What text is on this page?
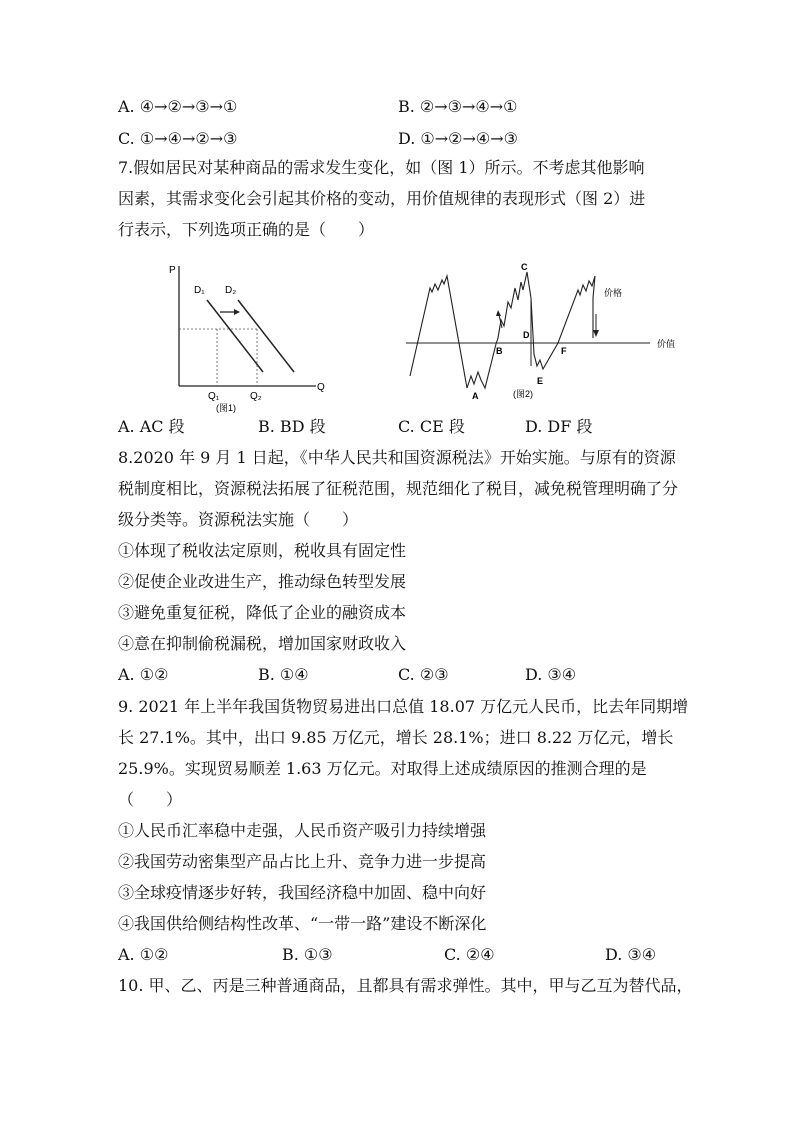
A. ④→②→③→①	B. ②→③→④→①
C. ①→④→②→③	D. ①→②→④→③
7.假如居民对某种商品的需求发生变化，如（图 1）所示。不考虑其他影响
因素，其需求变化会引起其价格的变动，用价值规律的表现形式（图 2）进
行表示，下列选项正确的是（　　）
P
Q
D₁ D₂
Q₁	Q₂
(图1)
价值
价格
A
B
C
D
E
F
(图2)
A. AC 段	B. BD 段	C. CE 段	D. DF 段
8.2020 年 9 月 1 日起，《中华人民共和国资源税法》开始实施。与原有的资源
税制度相比，资源税法拓展了征税范围，规范细化了税目，减免税管理明确了分
级分类等。资源税法实施（　　）
①体现了税收法定原则，税收具有固定性
②促使企业改进生产，推动绿色转型发展
③避免重复征税，降低了企业的融资成本
④意在抑制偷税漏税，增加国家财政收入
A. ①②	B. ①④	C. ②③	D. ③④
9. 2021 年上半年我国货物贸易进出口总值 18.07 万亿元人民币，比去年同期增
长 27.1%。其中，出口 9.85 万亿元，增长 28.1%；进口 8.22 万亿元，增长
25.9%。实现贸易顺差 1.63 万亿元。对取得上述成绩原因的推测合理的是
（　　）
①人民币汇率稳中走强，人民币资产吸引力持续增强
②我国劳动密集型产品占比上升、竞争力进一步提高
③全球疫情逐步好转，我国经济稳中加固、稳中向好
④我国供给侧结构性改革、“一带一路”建设不断深化
A. ①②	B. ①③	C. ②④	D. ③④
10. 甲、乙、丙是三种普通商品，且都具有需求弹性。其中，甲与乙互为替代品，
